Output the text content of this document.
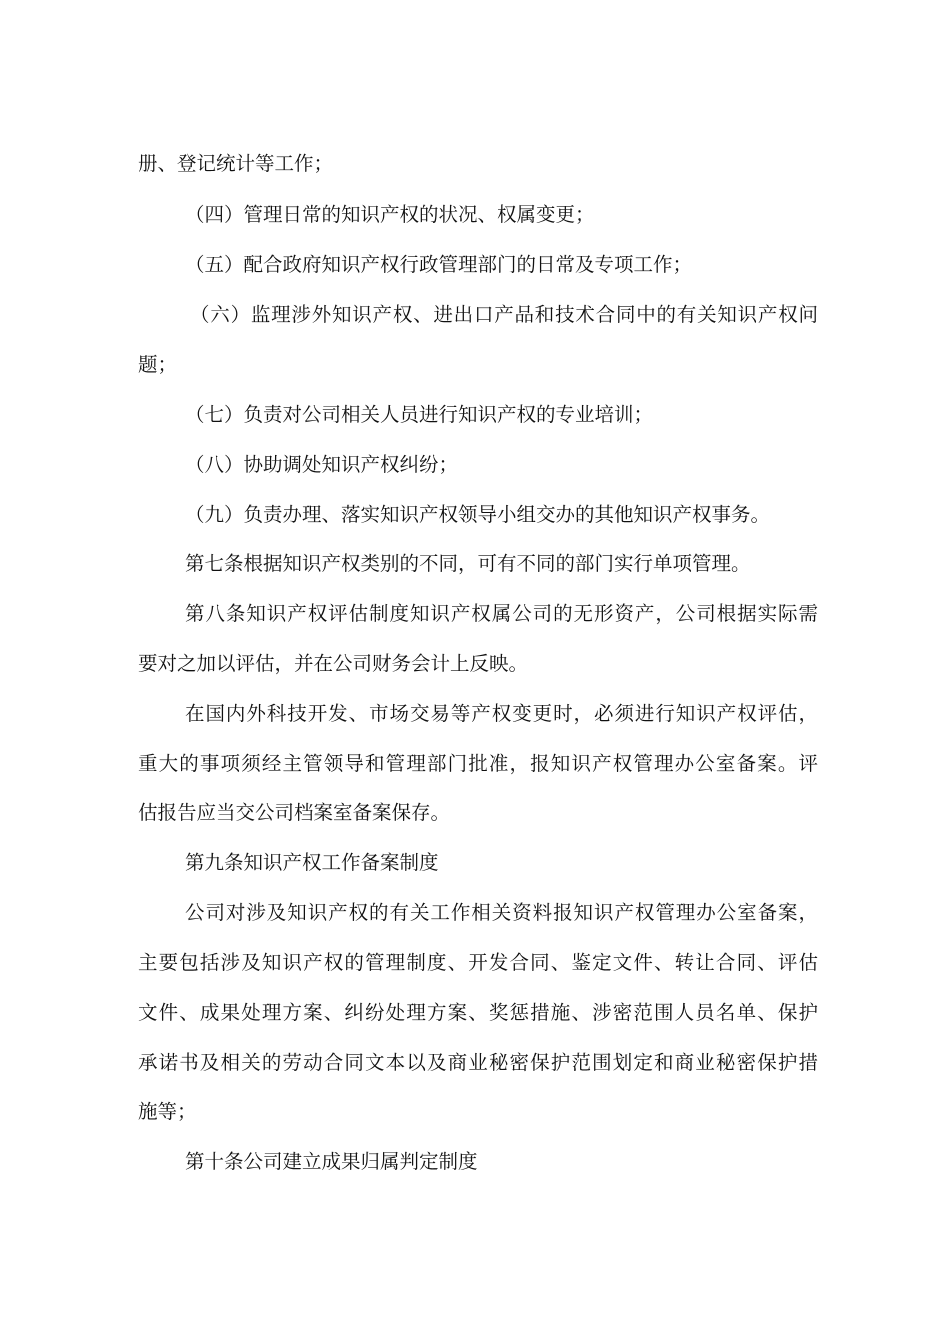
册、登记统计等工作；
（四）管理日常的知识产权的状况、权属变更；
（五）配合政府知识产权行政管理部门的日常及专项工作；
（六）监理涉外知识产权、进出口产品和技术合同中的有关知识产权问
题；
（七）负责对公司相关人员进行知识产权的专业培训；
（八）协助调处知识产权纠纷；
（九）负责办理、落实知识产权领导小组交办的其他知识产权事务。
第七条根据知识产权类别的不同，可有不同的部门实行单项管理。
第八条知识产权评估制度知识产权属公司的无形资产，公司根据实际需
要对之加以评估，并在公司财务会计上反映。
在国内外科技开发、市场交易等产权变更时，必须进行知识产权评估，
重大的事项须经主管领导和管理部门批准，报知识产权管理办公室备案。评
估报告应当交公司档案室备案保存。
第九条知识产权工作备案制度
公司对涉及知识产权的有关工作相关资料报知识产权管理办公室备案，
主要包括涉及知识产权的管理制度、开发合同、鉴定文件、转让合同、评估
文件、成果处理方案、纠纷处理方案、奖惩措施、涉密范围人员名单、保护
承诺书及相关的劳动合同文本以及商业秘密保护范围划定和商业秘密保护措
施等；
第十条公司建立成果归属判定制度
